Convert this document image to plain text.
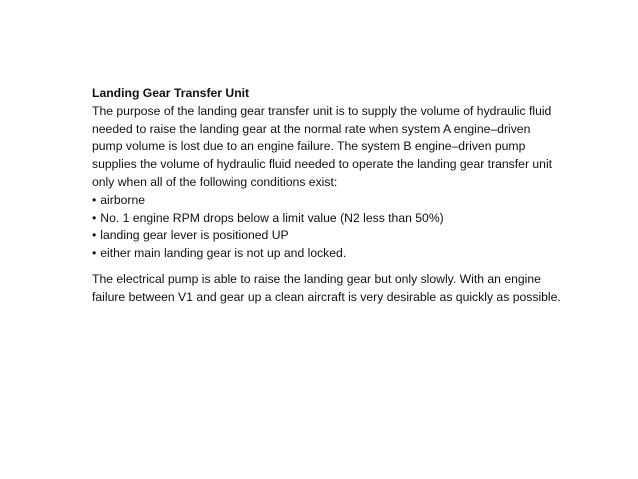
Landing Gear Transfer Unit

The purpose of the landing gear transfer unit is to supply the volume of hydraulic fluid needed to raise the landing gear at the normal rate when system A engine–driven pump volume is lost due to an engine failure. The system B engine–driven pump supplies the volume of hydraulic fluid needed to operate the landing gear transfer unit only when all of the following conditions exist:

• airborne
• No. 1 engine RPM drops below a limit value (N2 less than 50%)
• landing gear lever is positioned UP
• either main landing gear is not up and locked.

The electrical pump is able to raise the landing gear but only slowly. With an engine failure between V1 and gear up a clean aircraft is very desirable as quickly as possible.
